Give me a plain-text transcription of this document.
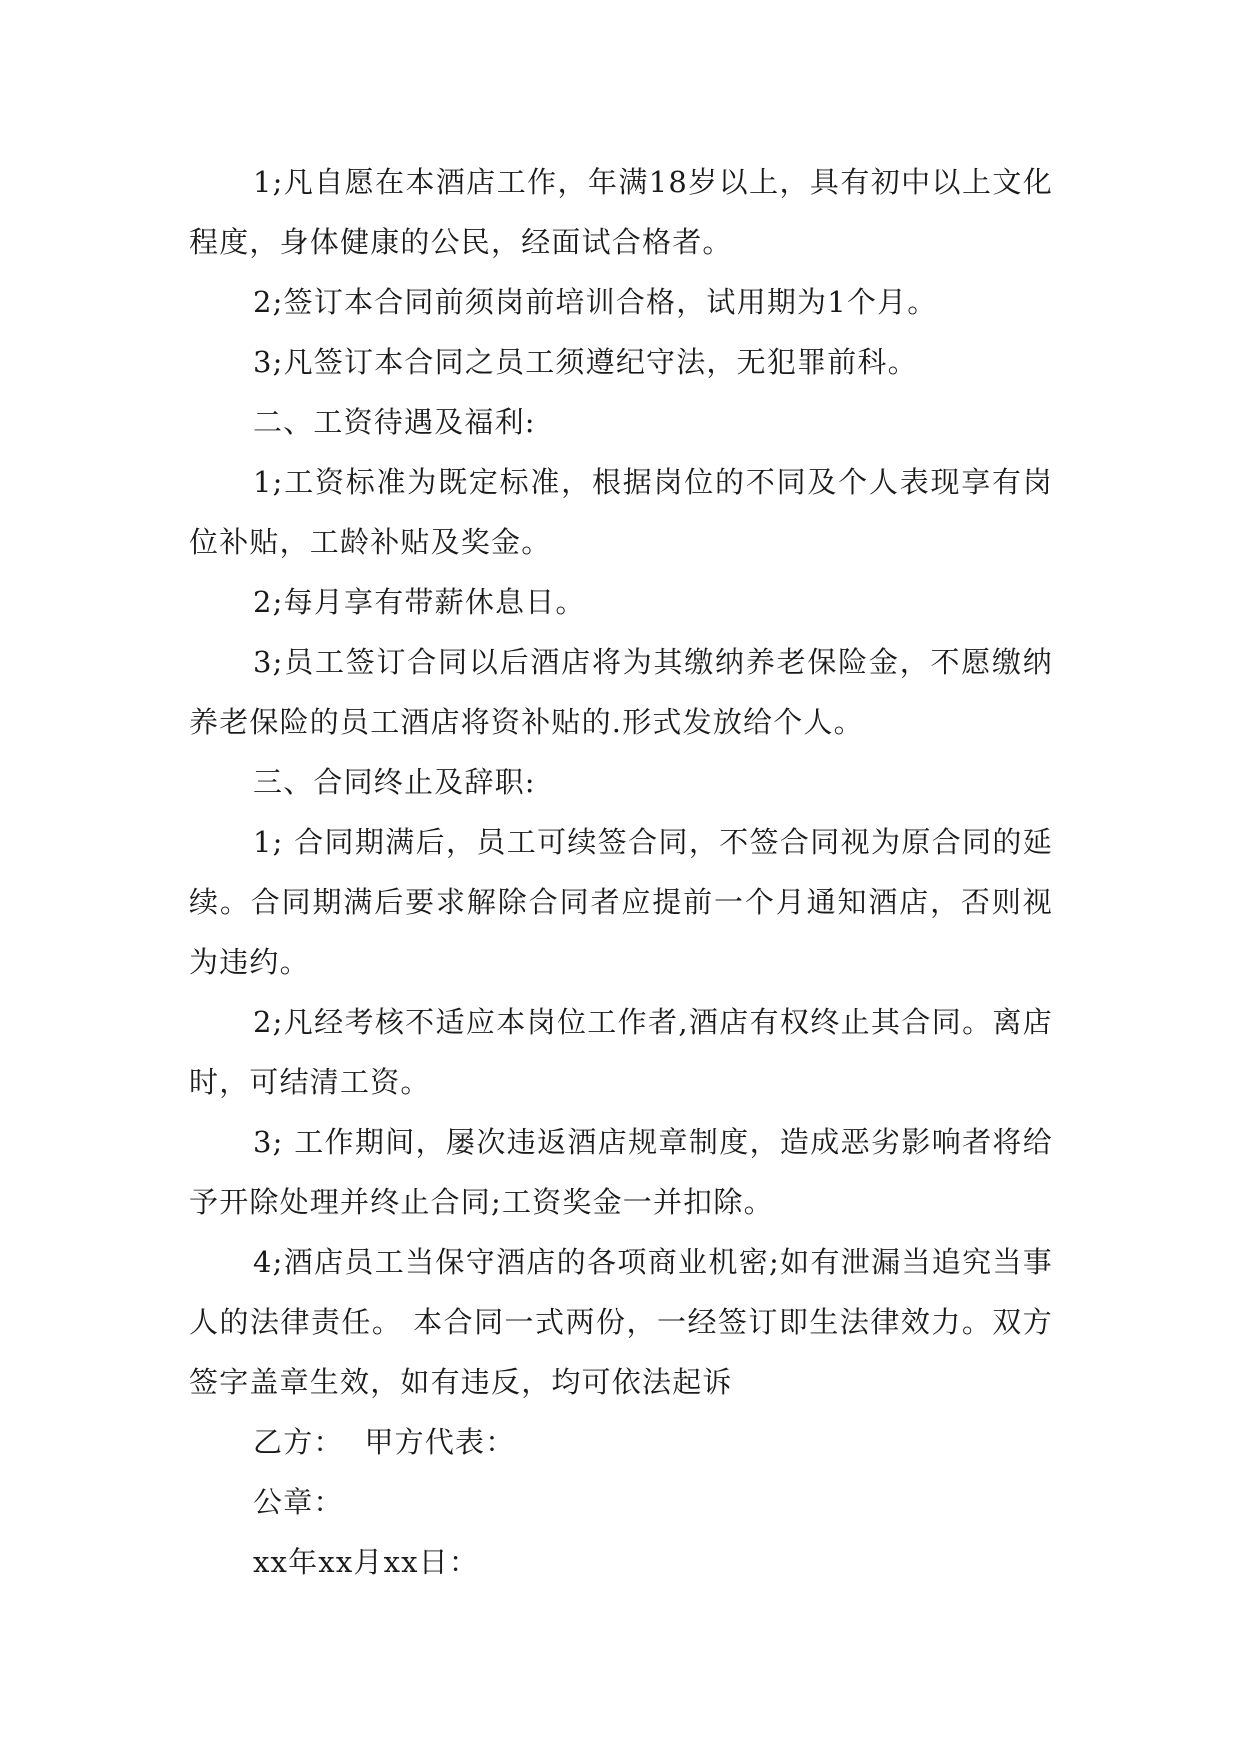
1;凡自愿在本酒店工作，年满18岁以上，具有初中以上文化程度，身体健康的公民，经面试合格者。

2;签订本合同前须岗前培训合格，试用期为1个月。

3;凡签订本合同之员工须遵纪守法，无犯罪前科。

二、工资待遇及福利:

1;工资标准为既定标准，根据岗位的不同及个人表现享有岗位补贴，工龄补贴及奖金。

2;每月享有带薪休息日。

3;员工签订合同以后酒店将为其缴纳养老保险金，不愿缴纳养老保险的员工酒店将资补贴的.形式发放给个人。

三、合同终止及辞职:

1; 合同期满后，员工可续签合同，不签合同视为原合同的延续。合同期满后要求解除合同者应提前一个月通知酒店，否则视为违约。

2;凡经考核不适应本岗位工作者,酒店有权终止其合同。离店时，可结清工资。

3; 工作期间，屡次违返酒店规章制度，造成恶劣影响者将给予开除处理并终止合同;工资奖金一并扣除。

4;酒店员工当保守酒店的各项商业机密;如有泄漏当追究当事人的法律责任。 本合同一式两份，一经签订即生法律效力。双方签字盖章生效，如有违反，均可依法起诉

乙方： 甲方代表：

公章：

xx年xx月xx日：
